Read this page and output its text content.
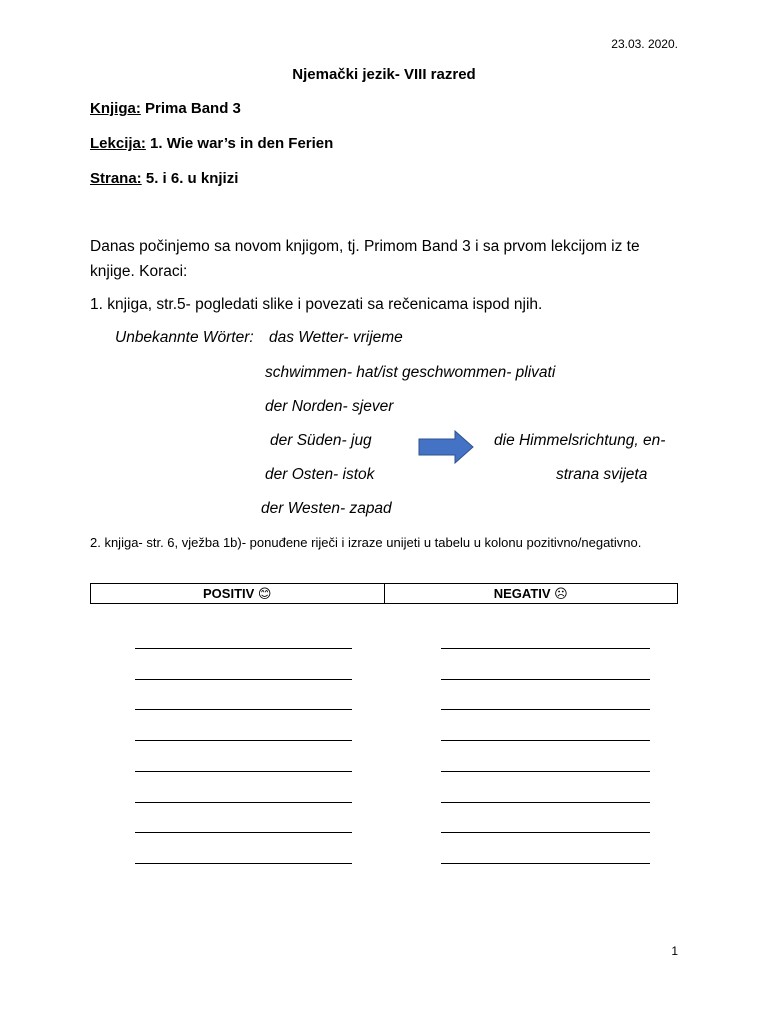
23.03. 2020.
Njemački jezik- VIII razred
Knjiga: Prima Band 3
Lekcija: 1. Wie war’s in den Ferien
Strana: 5. i 6. u knjizi
Danas počinjemo sa novom knjigom, tj. Primom Band 3 i sa prvom lekcijom iz te knjige. Koraci:
1. knjiga, str.5- pogledati slike i povezati sa rečenicama ispod njih.
Unbekannte Wörter: das Wetter- vrijeme
schwimmen- hat/ist geschwommen- plivati
der Norden- sjever
der Süden- jug
der Osten- istok
der Westen- zapad
die Himmelsrichtung, en-
strana svijeta
2. knjiga- str. 6, vježba 1b)- ponuđene riječi i izraze unijeti u tabelu u kolonu pozitivno/negativno.
POSITIV 😊	NEGATIV ☹
1
